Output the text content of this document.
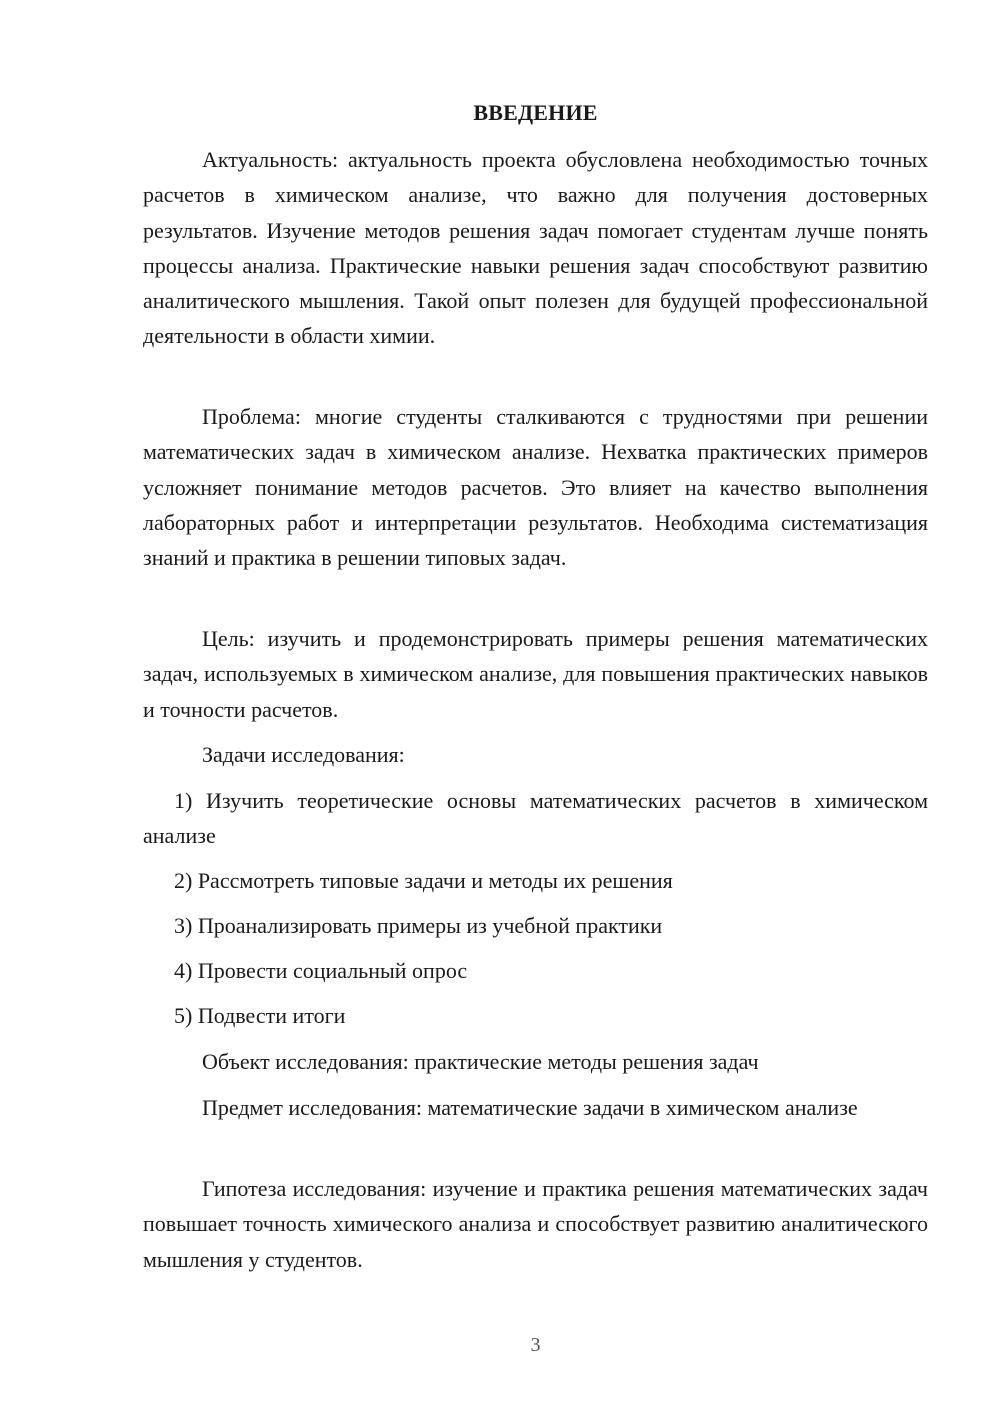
ВВЕДЕНИЕ
Актуальность: актуальность проекта обусловлена необходимостью точных расчетов в химическом анализе, что важно для получения достоверных результатов. Изучение методов решения задач помогает студентам лучше понять процессы анализа. Практические навыки решения задач способствуют развитию аналитического мышления. Такой опыт полезен для будущей профессиональной деятельности в области химии.
Проблема: многие студенты сталкиваются с трудностями при решении математических задач в химическом анализе. Нехватка практических примеров усложняет понимание методов расчетов. Это влияет на качество выполнения лабораторных работ и интерпретации результатов. Необходима систематизация знаний и практика в решении типовых задач.
Цель: изучить и продемонстрировать примеры решения математических задач, используемых в химическом анализе, для повышения практических навыков и точности расчетов.
Задачи исследования:
1) Изучить теоретические основы математических расчетов в химическом анализе
2) Рассмотреть типовые задачи и методы их решения
3) Проанализировать примеры из учебной практики
4) Провести социальный опрос
5) Подвести итоги
Объект исследования: практические методы решения задач
Предмет исследования: математические задачи в химическом анализе
Гипотеза исследования: изучение и практика решения математических задач повышает точность химического анализа и способствует развитию аналитического мышления у студентов.
3
